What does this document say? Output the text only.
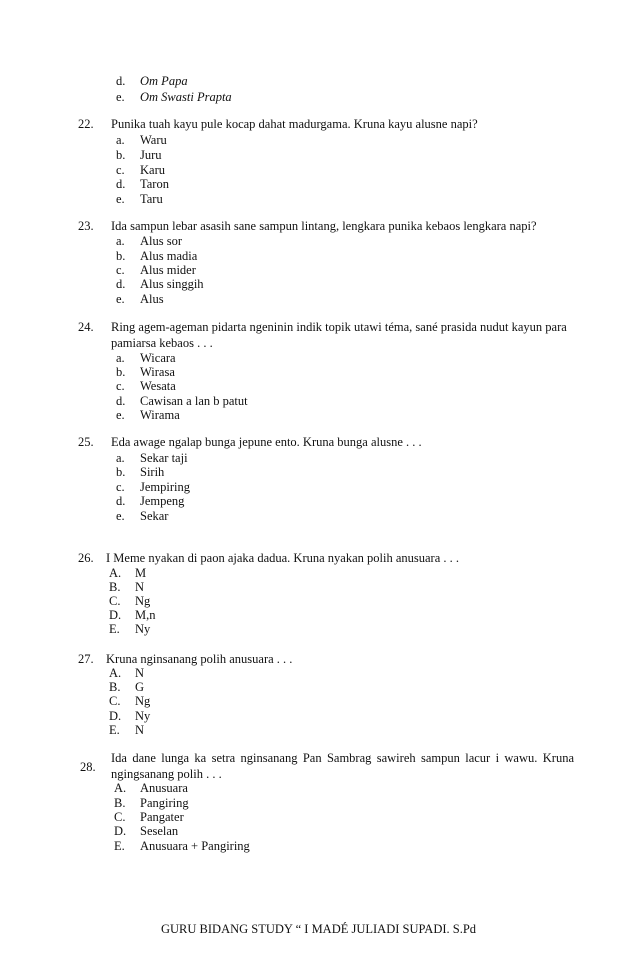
d. Om Papa
e. Om Swasti Prapta
22. Punika tuah kayu pule kocap dahat madurgama. Kruna kayu alusne napi?
a. Waru
b. Juru
c. Karu
d. Taron
e. Taru
23. Ida sampun lebar asasih sane sampun lintang, lengkara punika kebaos lengkara napi?
a. Alus sor
b. Alus madia
c. Alus mider
d. Alus singgih
e. Alus
24. Ring agem-ageman pidarta ngeninin indik topik utawi téma, sané prasida nudut kayun para
pamiarsa kebaos . . .
a. Wicara
b. Wirasa
c. Wesata
d. Cawisan a lan b patut
e. Wirama
25. Eda awage ngalap bunga jepune ento. Kruna bunga alusne . . .
a. Sekar taji
b. Sirih
c. Jempiring
d. Jempeng
e. Sekar
26. I Meme nyakan di paon ajaka dadua. Kruna nyakan polih anusuara . . .
A. M
B. N
C. Ng
D. M,n
E. Ny
27. Kruna nginsanang polih anusuara . . .
A. N
B. G
C. Ng
D. Ny
E. N
28.
Ida dane lunga ka setra nginsanang Pan Sambrag sawireh sampun lacur i wawu. Kruna
ngingsanang polih . . .
A. Anusuara
B. Pangiring
C. Pangater
D. Seselan
E. Anusuara + Pangiring
GURU BIDANG STUDY “ I MADÉ JULIADI SUPADI. S.Pd
